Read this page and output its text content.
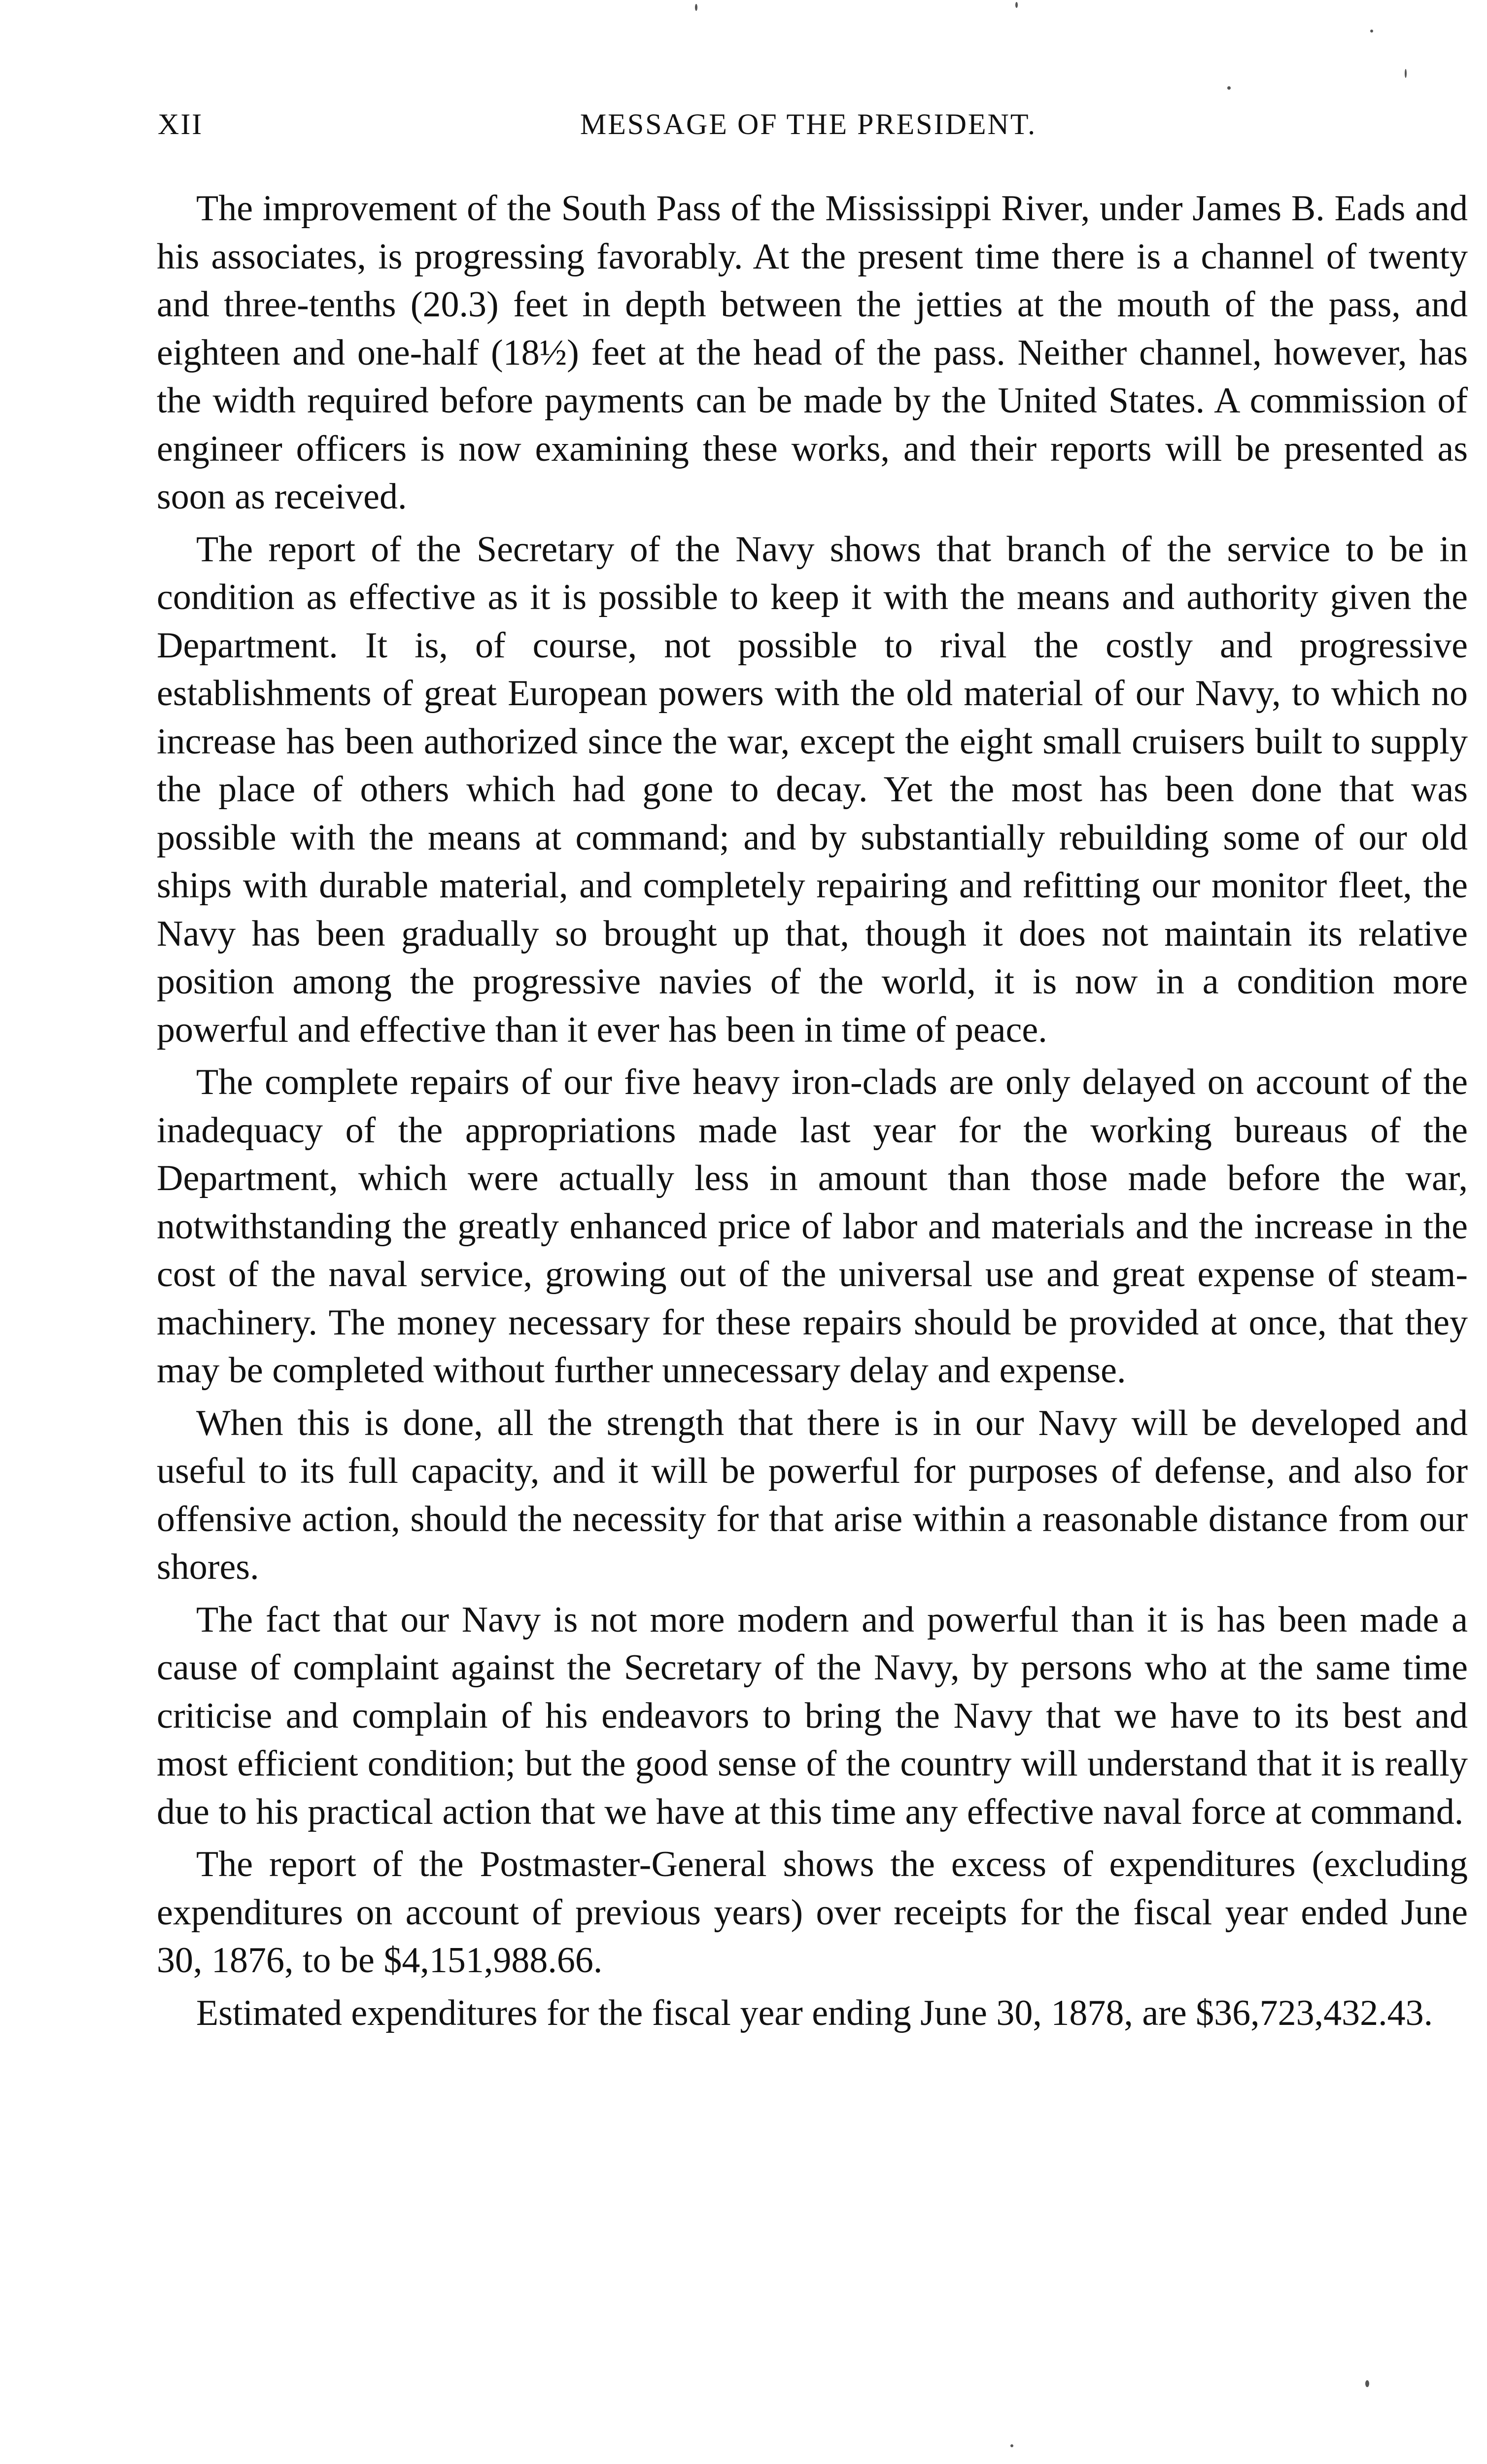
XII	MESSAGE OF THE PRESIDENT.

The improvement of the South Pass of the Mississippi River, under James B. Eads and his associates, is progressing favorably. At the present time there is a channel of twenty and three-tenths (20.3) feet in depth between the jetties at the mouth of the pass, and eighteen and one-half (18½) feet at the head of the pass. Neither channel, however, has the width required before payments can be made by the United States. A commission of engineer officers is now examining these works, and their reports will be presented as soon as received.

The report of the Secretary of the Navy shows that branch of the service to be in condition as effective as it is possible to keep it with the means and authority given the Department. It is, of course, not possible to rival the costly and progressive establishments of great European powers with the old material of our Navy, to which no increase has been authorized since the war, except the eight small cruisers built to supply the place of others which had gone to decay. Yet the most has been done that was possible with the means at command; and by substantially rebuilding some of our old ships with durable material, and completely repairing and refitting our monitor fleet, the Navy has been gradually so brought up that, though it does not maintain its relative position among the progressive navies of the world, it is now in a condition more powerful and effective than it ever has been in time of peace.

The complete repairs of our five heavy iron-clads are only delayed on account of the inadequacy of the appropriations made last year for the working bureaus of the Department, which were actually less in amount than those made before the war, notwithstanding the greatly enhanced price of labor and materials and the increase in the cost of the naval service, growing out of the universal use and great expense of steam-machinery. The money necessary for these repairs should be provided at once, that they may be completed without further unnecessary delay and expense.

When this is done, all the strength that there is in our Navy will be developed and useful to its full capacity, and it will be powerful for purposes of defense, and also for offensive action, should the necessity for that arise within a reasonable distance from our shores.

The fact that our Navy is not more modern and powerful than it is has been made a cause of complaint against the Secretary of the Navy, by persons who at the same time criticise and complain of his endeavors to bring the Navy that we have to its best and most efficient condition; but the good sense of the country will understand that it is really due to his practical action that we have at this time any effective naval force at command.

The report of the Postmaster-General shows the excess of expenditures (excluding expenditures on account of previous years) over receipts for the fiscal year ended June 30, 1876, to be $4,151,988.66.

Estimated expenditures for the fiscal year ending June 30, 1878, are $36,723,432.43.
